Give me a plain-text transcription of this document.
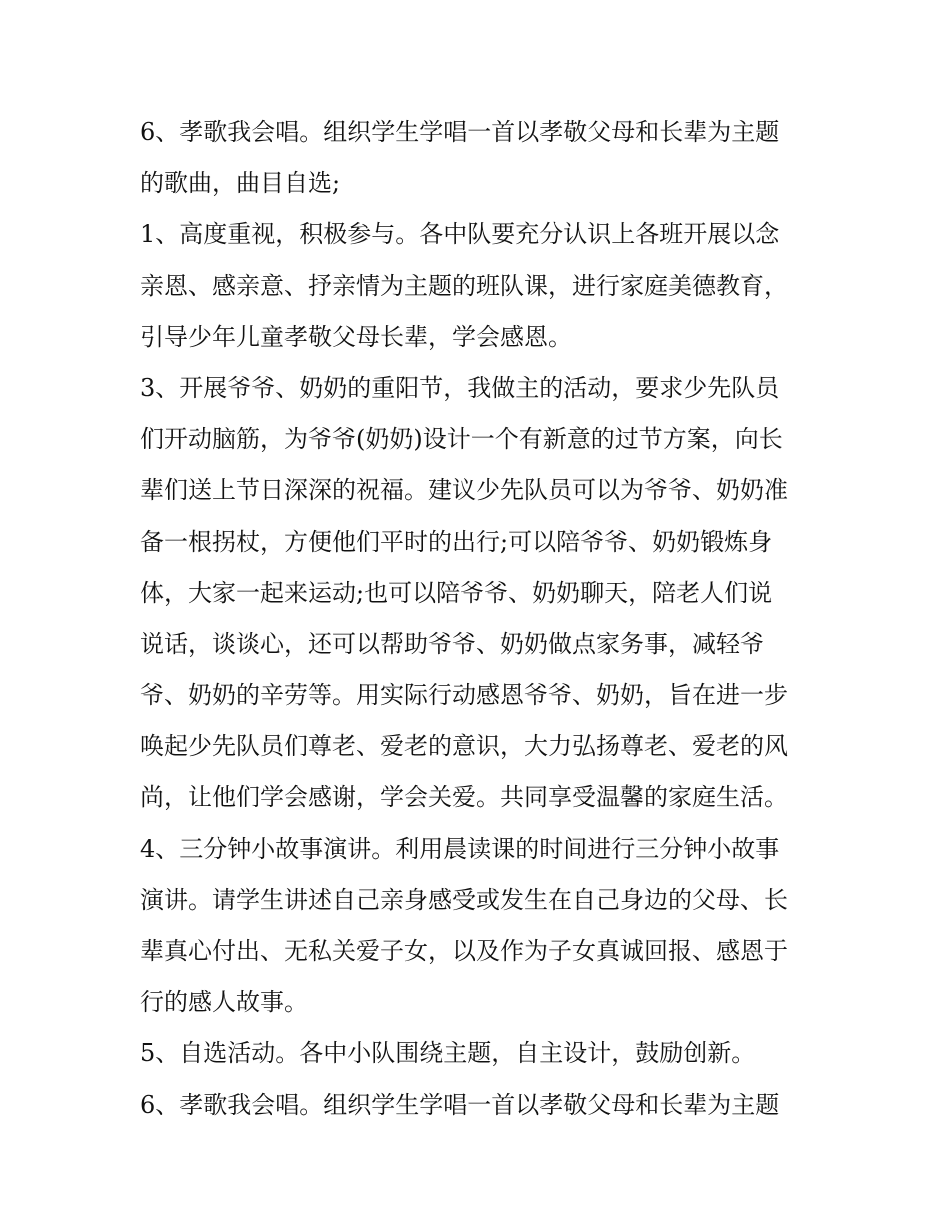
6、孝歌我会唱。组织学生学唱一首以孝敬父母和长辈为主题
的歌曲，曲目自选;
1、高度重视，积极参与。各中队要充分认识上各班开展以念
亲恩、感亲意、抒亲情为主题的班队课，进行家庭美德教育，
引导少年儿童孝敬父母长辈，学会感恩。
3、开展爷爷、奶奶的重阳节，我做主的活动，要求少先队员
们开动脑筋，为爷爷(奶奶)设计一个有新意的过节方案，向长
辈们送上节日深深的祝福。建议少先队员可以为爷爷、奶奶准
备一根拐杖，方便他们平时的出行;可以陪爷爷、奶奶锻炼身
体，大家一起来运动;也可以陪爷爷、奶奶聊天，陪老人们说
说话，谈谈心，还可以帮助爷爷、奶奶做点家务事，减轻爷
爷、奶奶的辛劳等。用实际行动感恩爷爷、奶奶，旨在进一步
唤起少先队员们尊老、爱老的意识，大力弘扬尊老、爱老的风
尚，让他们学会感谢，学会关爱。共同享受温馨的家庭生活。
4、三分钟小故事演讲。利用晨读课的时间进行三分钟小故事
演讲。请学生讲述自己亲身感受或发生在自己身边的父母、长
辈真心付出、无私关爱子女，以及作为子女真诚回报、感恩于
行的感人故事。
5、自选活动。各中小队围绕主题，自主设计，鼓励创新。
6、孝歌我会唱。组织学生学唱一首以孝敬父母和长辈为主题
